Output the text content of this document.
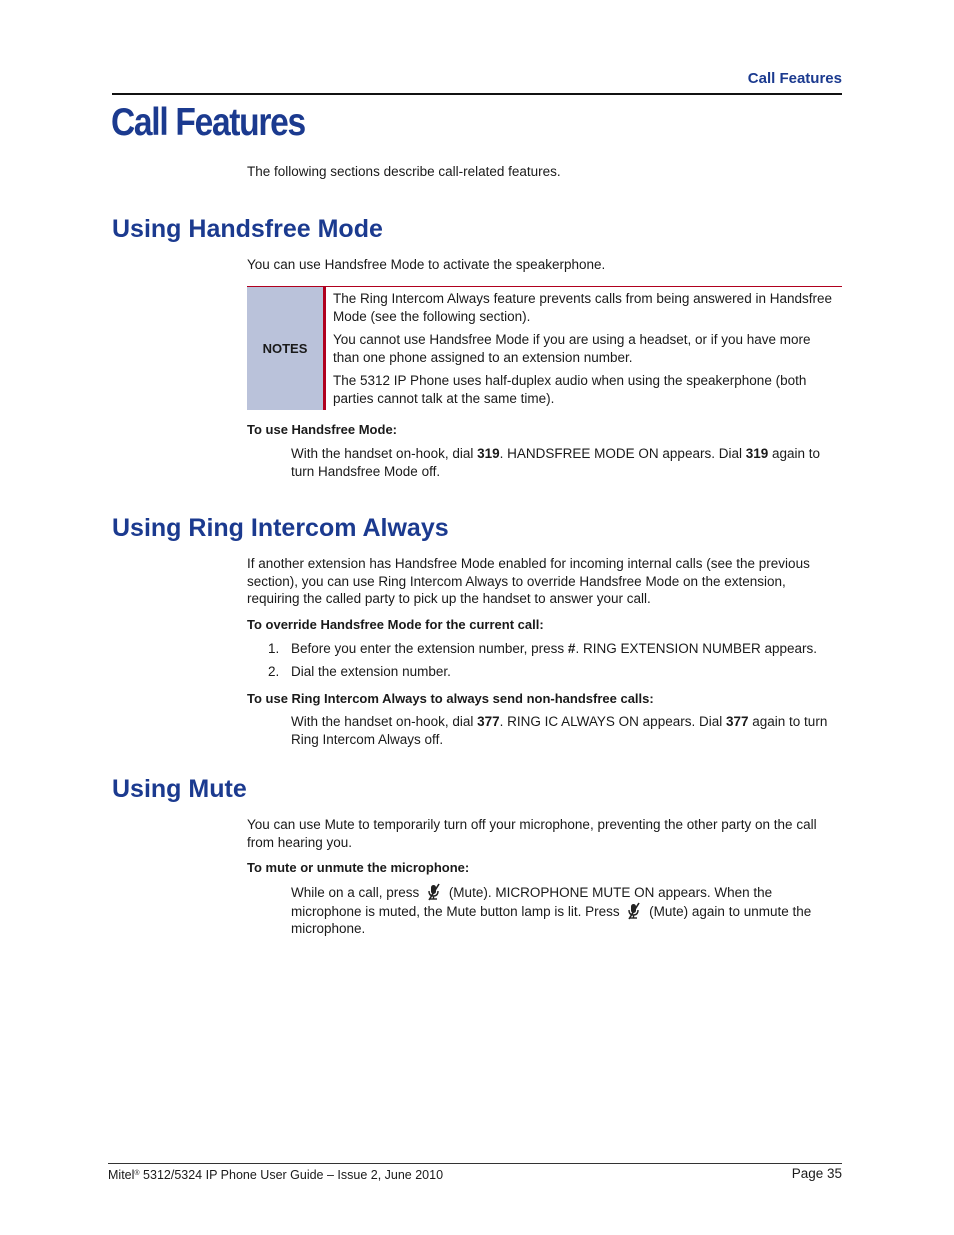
Call Features
Call Features
The following sections describe call-related features.
Using Handsfree Mode
You can use Handsfree Mode to activate the speakerphone.
NOTES

The Ring Intercom Always feature prevents calls from being answered in Handsfree Mode (see the following section).

You cannot use Handsfree Mode if you are using a headset, or if you have more than one phone assigned to an extension number.

The 5312 IP Phone uses half-duplex audio when using the speakerphone (both parties cannot talk at the same time).

To use Handsfree Mode:
With the handset on-hook, dial 319. HANDSFREE MODE ON appears. Dial 319 again to turn Handsfree Mode off.
Using Ring Intercom Always
If another extension has Handsfree Mode enabled for incoming internal calls (see the previous section), you can use Ring Intercom Always to override Handsfree Mode on the extension, requiring the called party to pick up the handset to answer your call.
To override Handsfree Mode for the current call:
1. Before you enter the extension number, press #. RING EXTENSION NUMBER appears.
2. Dial the extension number.
To use Ring Intercom Always to always send non-handsfree calls:
With the handset on-hook, dial 377. RING IC ALWAYS ON appears. Dial 377 again to turn Ring Intercom Always off.
Using Mute
You can use Mute to temporarily turn off your microphone, preventing the other party on the call from hearing you.
To mute or unmute the microphone:
While on a call, press  (Mute). MICROPHONE MUTE ON appears. When the microphone is muted, the Mute button lamp is lit. Press  (Mute) again to unmute the microphone.
Mitel® 5312/5324 IP Phone User Guide – Issue 2, June 2010	Page 35
